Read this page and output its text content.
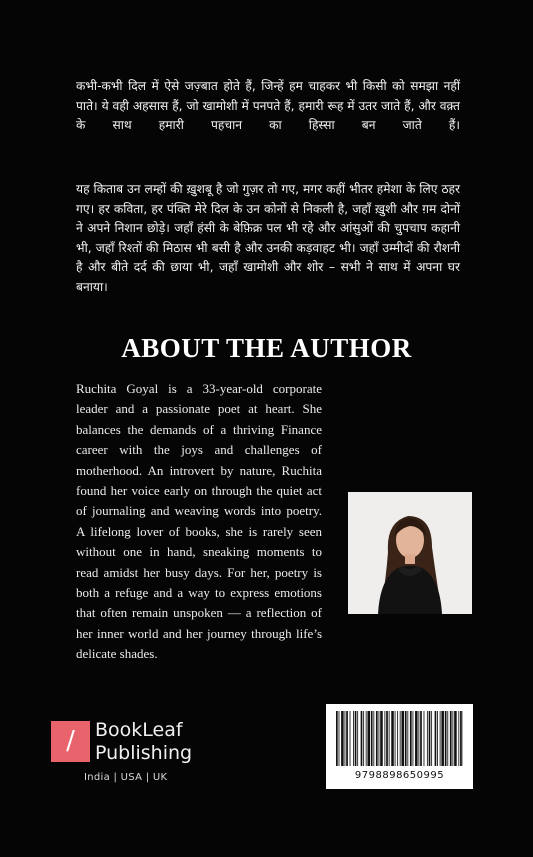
कभी-कभी दिल में ऐसे जज़्बात होते हैं, जिन्हें हम चाहकर भी किसी को समझा नहीं पाते। ये वही अहसास हैं, जो खामोशी में पनपते हैं, हमारी रूह में उतर जाते हैं, और वक़्त के साथ हमारी पहचान का हिस्सा बन जाते हैं।

यह किताब उन लम्हों की ख़ुशबू है जो गुज़र तो गए, मगर कहीं भीतर हमेशा के लिए ठहर गए। हर कविता, हर पंक्ति मेरे दिल के उन कोनों से निकली है, जहाँ ख़ुशी और ग़म दोनों ने अपने निशान छोड़े। जहाँ हंसी के बेफ़िक्र पल भी रहे और आंसुओं की चुपचाप कहानी भी, जहाँ रिश्तों की मिठास भी बसी है और उनकी कड़वाहट भी। जहाँ उम्मीदों की रौशनी है और बीते दर्द की छाया भी, जहाँ खामोशी और शोर – सभी ने साथ में अपना घर बनाया।

ABOUT THE AUTHOR

Ruchita Goyal is a 33-year-old corporate leader and a passionate poet at heart. She balances the demands of a thriving Finance career with the joys and challenges of motherhood. An introvert by nature, Ruchita found her voice early on through the quiet act of journaling and weaving words into poetry. A lifelong lover of books, she is rarely seen without one in hand, sneaking moments to read amidst her busy days. For her, poetry is both a refuge and a way to express emotions that often remain unspoken — a reflection of her inner world and her journey through life’s delicate shades.

/	BookLeaf
Publishing
India | USA | UK	9798898650995
